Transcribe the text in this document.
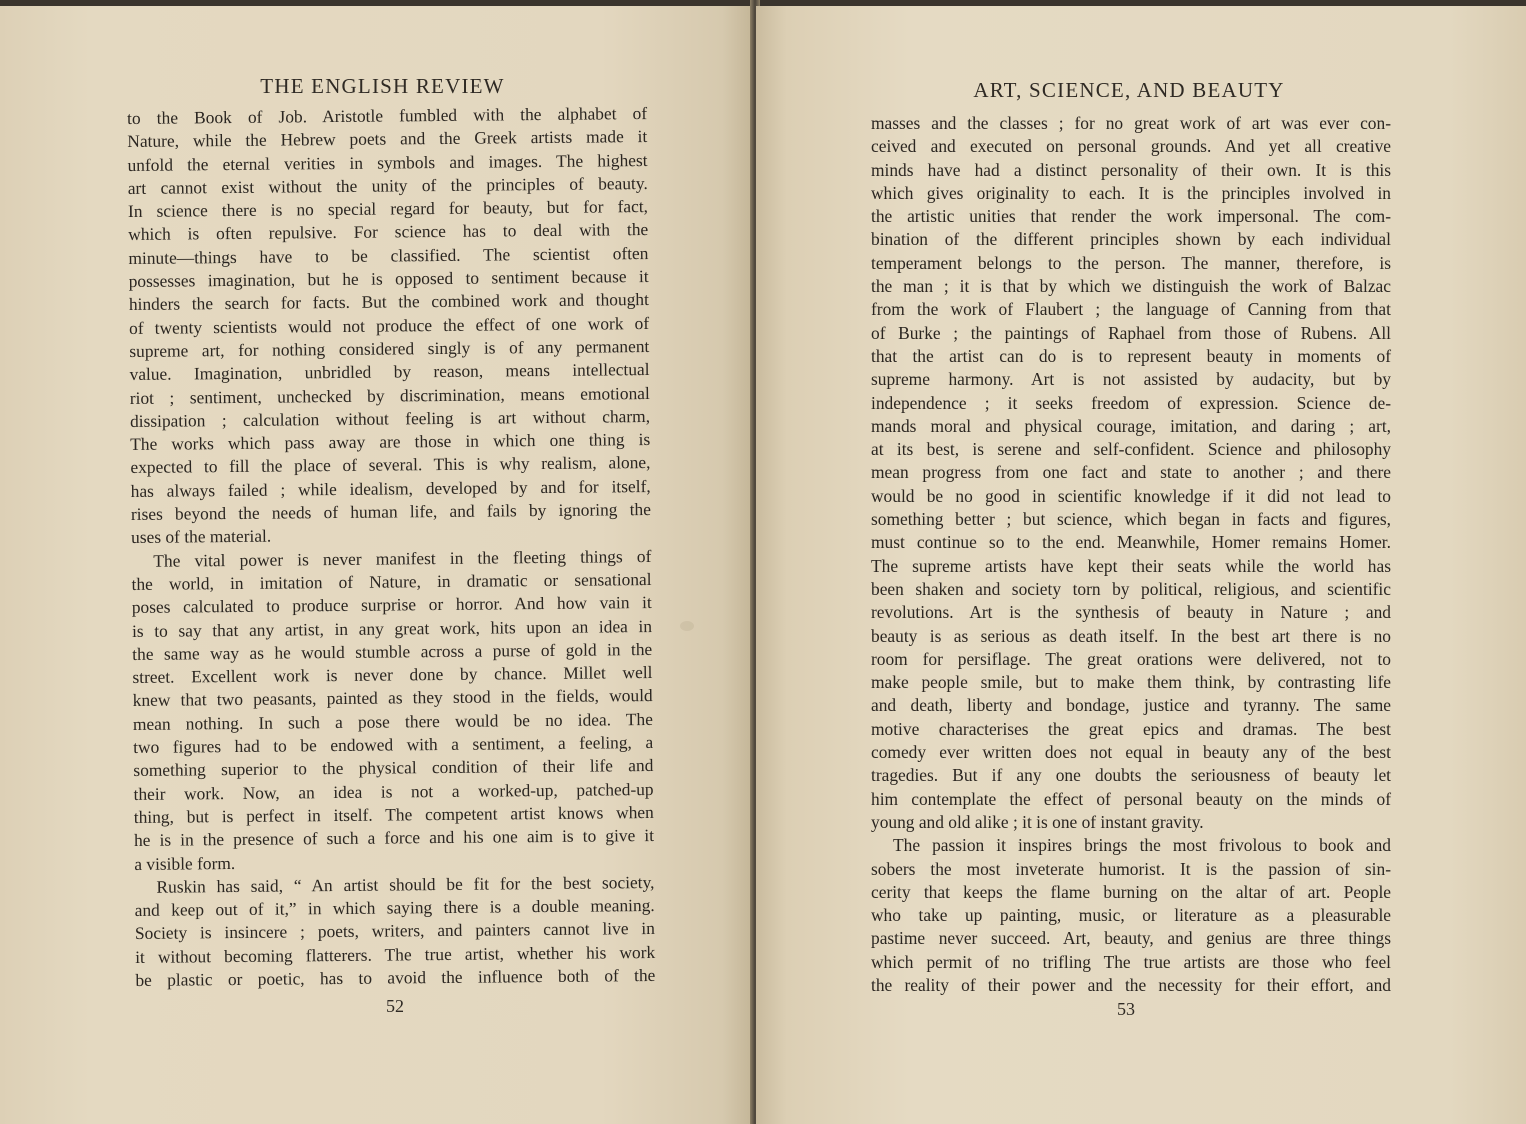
THE ENGLISH REVIEW
to the Book of Job. Aristotle fumbled with the alphabet of
Nature, while the Hebrew poets and the Greek artists made it
unfold the eternal verities in symbols and images. The highest
art cannot exist without the unity of the principles of beauty.
In science there is no special regard for beauty, but for fact,
which is often repulsive. For science has to deal with the
minute—things have to be classified. The scientist often
possesses imagination, but he is opposed to sentiment because it
hinders the search for facts. But the combined work and thought
of twenty scientists would not produce the effect of one work of
supreme art, for nothing considered singly is of any permanent
value. Imagination, unbridled by reason, means intellectual
riot ; sentiment, unchecked by discrimination, means emotional
dissipation ; calculation without feeling is art without charm,
The works which pass away are those in which one thing is
expected to fill the place of several. This is why realism, alone,
has always failed ; while idealism, developed by and for itself,
rises beyond the needs of human life, and fails by ignoring the
uses of the material.
The vital power is never manifest in the fleeting things of
the world, in imitation of Nature, in dramatic or sensational
poses calculated to produce surprise or horror. And how vain it
is to say that any artist, in any great work, hits upon an idea in
the same way as he would stumble across a purse of gold in the
street. Excellent work is never done by chance. Millet well
knew that two peasants, painted as they stood in the fields, would
mean nothing. In such a pose there would be no idea. The
two figures had to be endowed with a sentiment, a feeling, a
something superior to the physical condition of their life and
their work. Now, an idea is not a worked-up, patched-up
thing, but is perfect in itself. The competent artist knows when
he is in the presence of such a force and his one aim is to give it
a visible form.
Ruskin has said, “ An artist should be fit for the best society,
and keep out of it,” in which saying there is a double meaning.
Society is insincere ; poets, writers, and painters cannot live in
it without becoming flatterers. The true artist, whether his work
be plastic or poetic, has to avoid the influence both of the
52
ART, SCIENCE, AND BEAUTY
masses and the classes ; for no great work of art was ever con-
ceived and executed on personal grounds. And yet all creative
minds have had a distinct personality of their own. It is this
which gives originality to each. It is the principles involved in
the artistic unities that render the work impersonal. The com-
bination of the different principles shown by each individual
temperament belongs to the person. The manner, therefore, is
the man ; it is that by which we distinguish the work of Balzac
from the work of Flaubert ; the language of Canning from that
of Burke ; the paintings of Raphael from those of Rubens. All
that the artist can do is to represent beauty in moments of
supreme harmony. Art is not assisted by audacity, but by
independence ; it seeks freedom of expression. Science de-
mands moral and physical courage, imitation, and daring ; art,
at its best, is serene and self-confident. Science and philosophy
mean progress from one fact and state to another ; and there
would be no good in scientific knowledge if it did not lead to
something better ; but science, which began in facts and figures,
must continue so to the end. Meanwhile, Homer remains Homer.
The supreme artists have kept their seats while the world has
been shaken and society torn by political, religious, and scientific
revolutions. Art is the synthesis of beauty in Nature ; and
beauty is as serious as death itself. In the best art there is no
room for persiflage. The great orations were delivered, not to
make people smile, but to make them think, by contrasting life
and death, liberty and bondage, justice and tyranny. The same
motive characterises the great epics and dramas. The best
comedy ever written does not equal in beauty any of the best
tragedies. But if any one doubts the seriousness of beauty let
him contemplate the effect of personal beauty on the minds of
young and old alike ; it is one of instant gravity.
The passion it inspires brings the most frivolous to book and
sobers the most inveterate humorist. It is the passion of sin-
cerity that keeps the flame burning on the altar of art. People
who take up painting, music, or literature as a pleasurable
pastime never succeed. Art, beauty, and genius are three things
which permit of no trifling The true artists are those who feel
the reality of their power and the necessity for their effort, and
53
